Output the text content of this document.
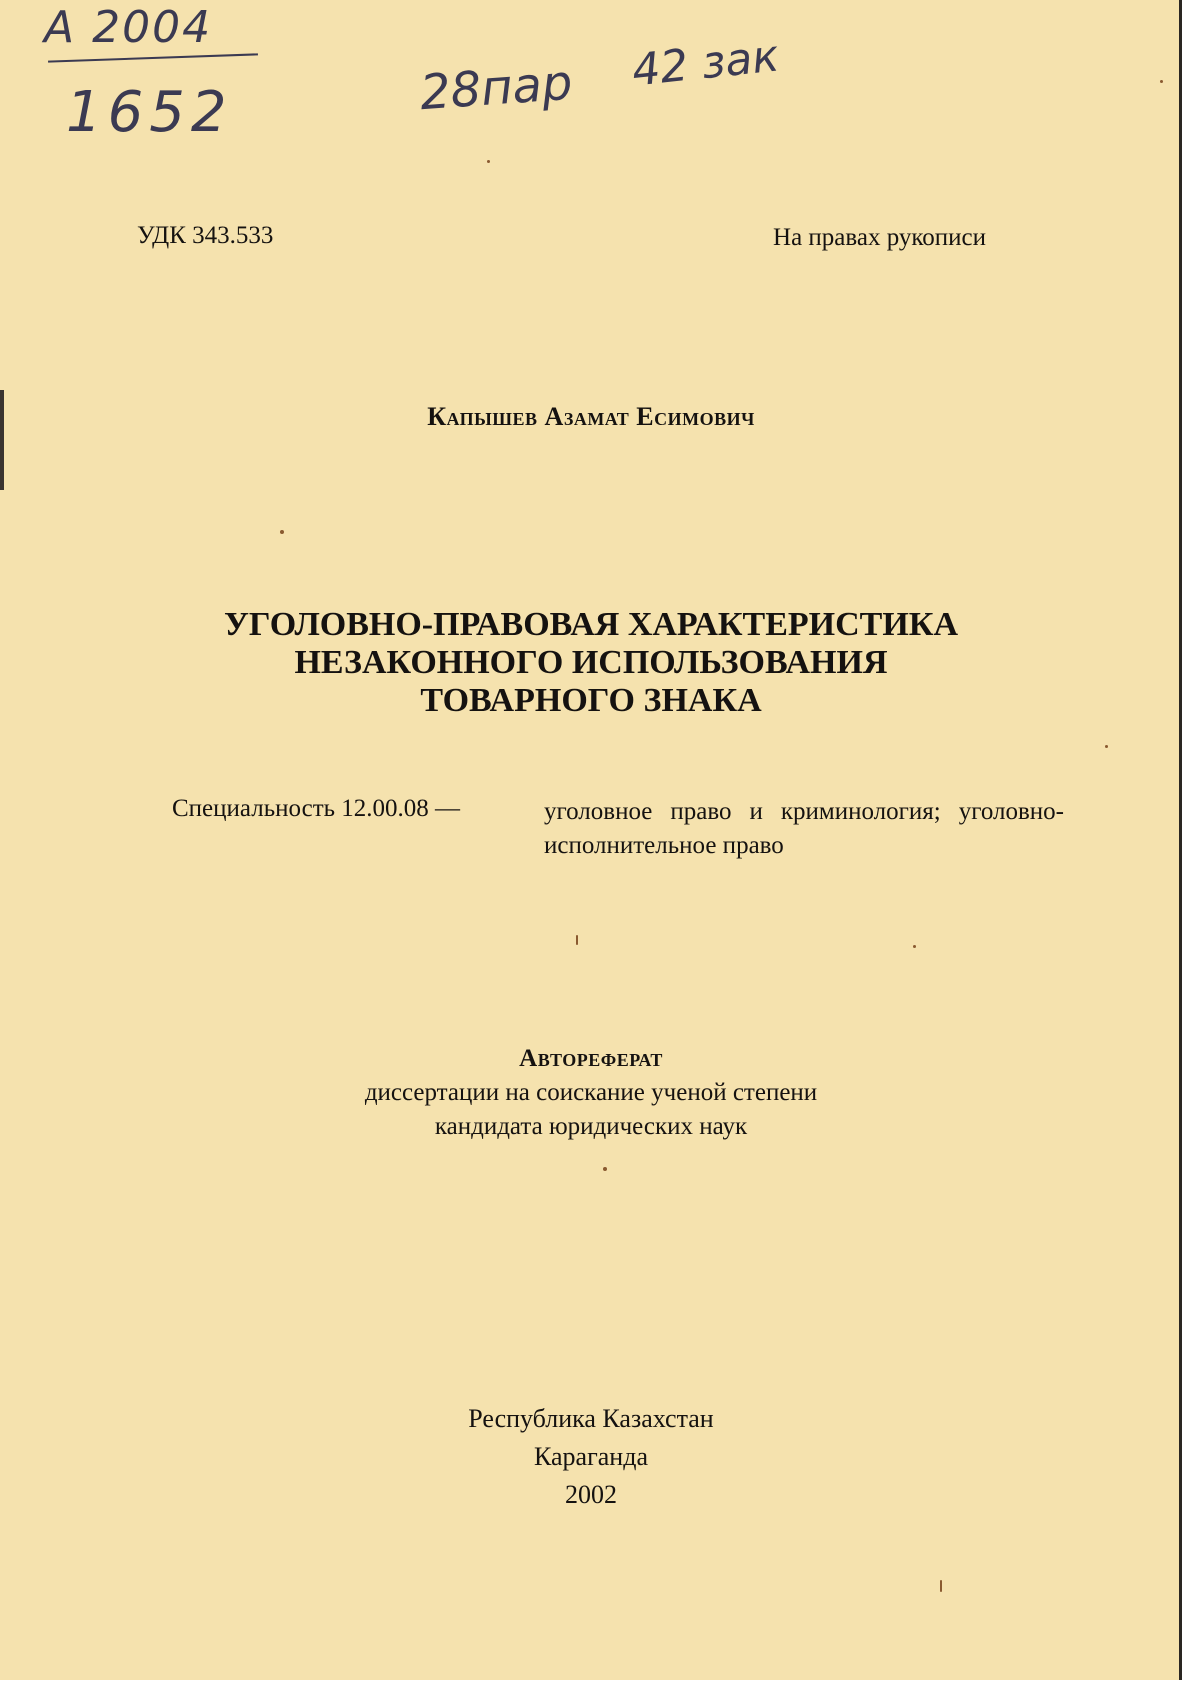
А 2004
1652	28пар 42 зак
УДК 343.533	На правах рукописи
Капышев Азамат Есимович
УГОЛОВНО-ПРАВОВАЯ ХАРАКТЕРИСТИКА
НЕЗАКОННОГО ИСПОЛЬЗОВАНИЯ
ТОВАРНОГО ЗНАКА
Специальность 12.00.08 —	уголовное право и криминология; уголовно-исполнительное право
Автореферат
диссертации на соискание ученой степени
кандидата юридических наук
Республика Казахстан
Караганда
2002
